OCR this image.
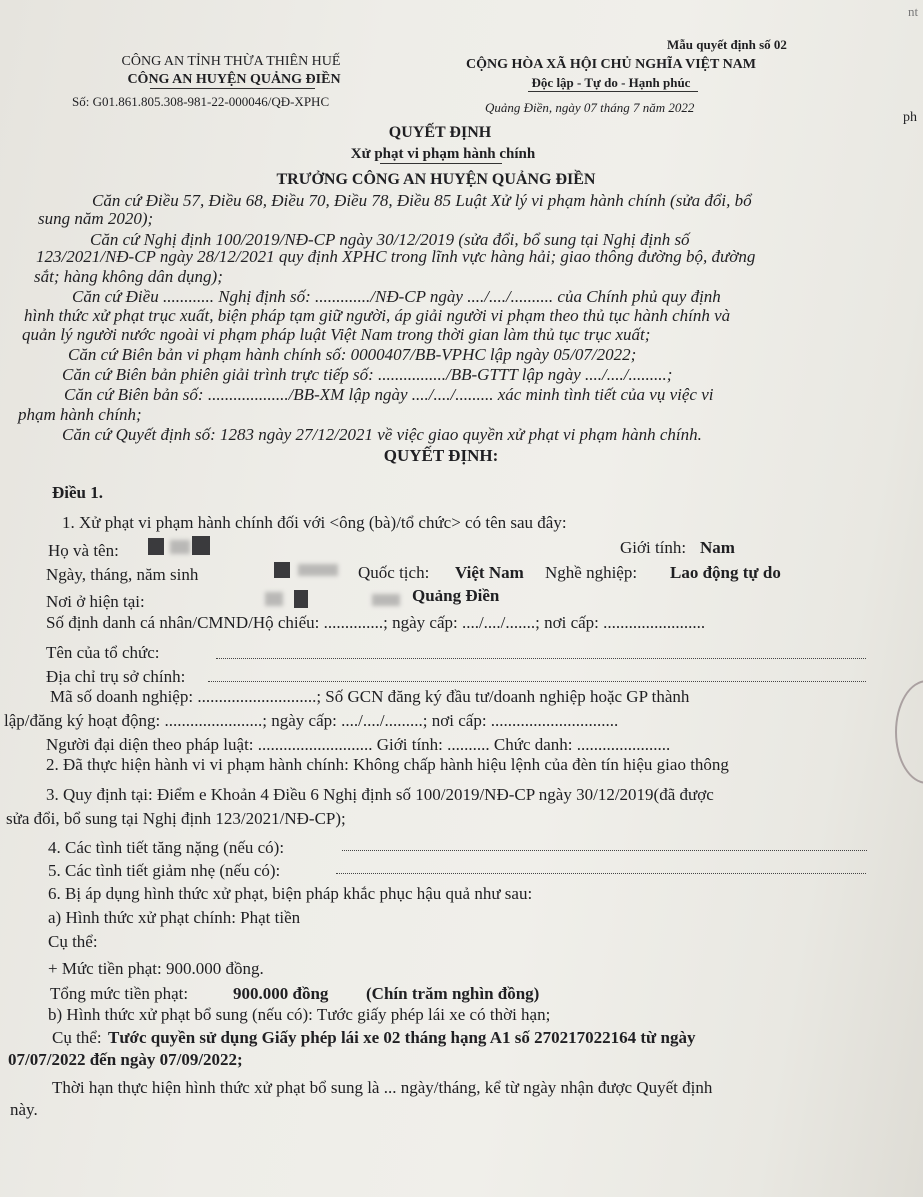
CÔNG AN TỈNH THỪA THIÊN HUẾ
CÔNG AN HUYỆN QUẢNG ĐIỀN
Số: G01.861.805.308-981-22-000046/QĐ-XPHC
Mẫu quyết định số 02
CỘNG HÒA XÃ HỘI CHỦ NGHĨA VIỆT NAM
Độc lập - Tự do - Hạnh phúc
Quảng Điền, ngày 07 tháng 7 năm 2022
ph
nt
QUYẾT ĐỊNH
Xử phạt vi phạm hành chính
TRƯỞNG CÔNG AN HUYỆN QUẢNG ĐIỀN
Căn cứ Điều 57, Điều 68, Điều 70, Điều 78, Điều 85 Luật Xử lý vi phạm hành chính (sửa đổi, bổ
sung năm 2020);
Căn cứ Nghị định 100/2019/NĐ-CP ngày 30/12/2019 (sửa đổi, bổ sung tại Nghị định số
123/2021/NĐ-CP ngày 28/12/2021 quy định XPHC trong lĩnh vực hàng hải; giao thông đường bộ, đường
sắt; hàng không dân dụng);
Căn cứ Điều ............ Nghị định số: ............./NĐ-CP ngày ..../..../.......... của Chính phủ quy định
hình thức xử phạt trục xuất, biện pháp tạm giữ người, áp giải người vi phạm theo thủ tục hành chính và
quản lý người nước ngoài vi phạm pháp luật Việt Nam trong thời gian làm thủ tục trục xuất;
Căn cứ Biên bản vi phạm hành chính số: 0000407/BB-VPHC lập ngày 05/07/2022;
Căn cứ Biên bản phiên giải trình trực tiếp số: ................/BB-GTTT lập ngày ..../..../.........;
Căn cứ Biên bản số: .................../BB-XM lập ngày ..../..../......... xác minh tình tiết của vụ việc vi
phạm hành chính;
Căn cứ Quyết định số: 1283 ngày 27/12/2021 về việc giao quyền xử phạt vi phạm hành chính.
QUYẾT ĐỊNH:
Điều 1.
1. Xử phạt vi phạm hành chính đối với <ông (bà)/tổ chức> có tên sau đây:
Họ và tên:	Giới tính: Nam
Ngày, tháng, năm sinh	Quốc tịch: Việt Nam Nghề nghiệp: Lao động tự do
Nơi ở hiện tại:	Quảng Điền
Số định danh cá nhân/CMND/Hộ chiếu: ..............; ngày cấp: ..../..../.......; nơi cấp: ........................
Tên của tổ chức:
Địa chỉ trụ sở chính:
Mã số doanh nghiệp: ............................; Số GCN đăng ký đầu tư/doanh nghiệp hoặc GP thành
lập/đăng ký hoạt động: .......................; ngày cấp: ..../..../.........; nơi cấp: ..............................
Người đại diện theo pháp luật: ........................... Giới tính: .......... Chức danh: ......................
2. Đã thực hiện hành vi vi phạm hành chính: Không chấp hành hiệu lệnh của đèn tín hiệu giao thông
3. Quy định tại: Điểm e Khoản 4 Điều 6 Nghị định số 100/2019/NĐ-CP ngày 30/12/2019(đã được
sửa đổi, bổ sung tại Nghị định 123/2021/NĐ-CP);
4. Các tình tiết tăng nặng (nếu có):
5. Các tình tiết giảm nhẹ (nếu có):
6. Bị áp dụng hình thức xử phạt, biện pháp khắc phục hậu quả như sau:
a) Hình thức xử phạt chính: Phạt tiền
Cụ thể:
+ Mức tiền phạt: 900.000 đồng.
Tổng mức tiền phạt:	900.000 đồng (Chín trăm nghìn đồng)
b) Hình thức xử phạt bổ sung (nếu có): Tước giấy phép lái xe có thời hạn;
Cụ thể: Tước quyền sử dụng Giấy phép lái xe 02 tháng hạng A1 số 270217022164 từ ngày
07/07/2022 đến ngày 07/09/2022;
Thời hạn thực hiện hình thức xử phạt bổ sung là ... ngày/tháng, kể từ ngày nhận được Quyết định
này.
